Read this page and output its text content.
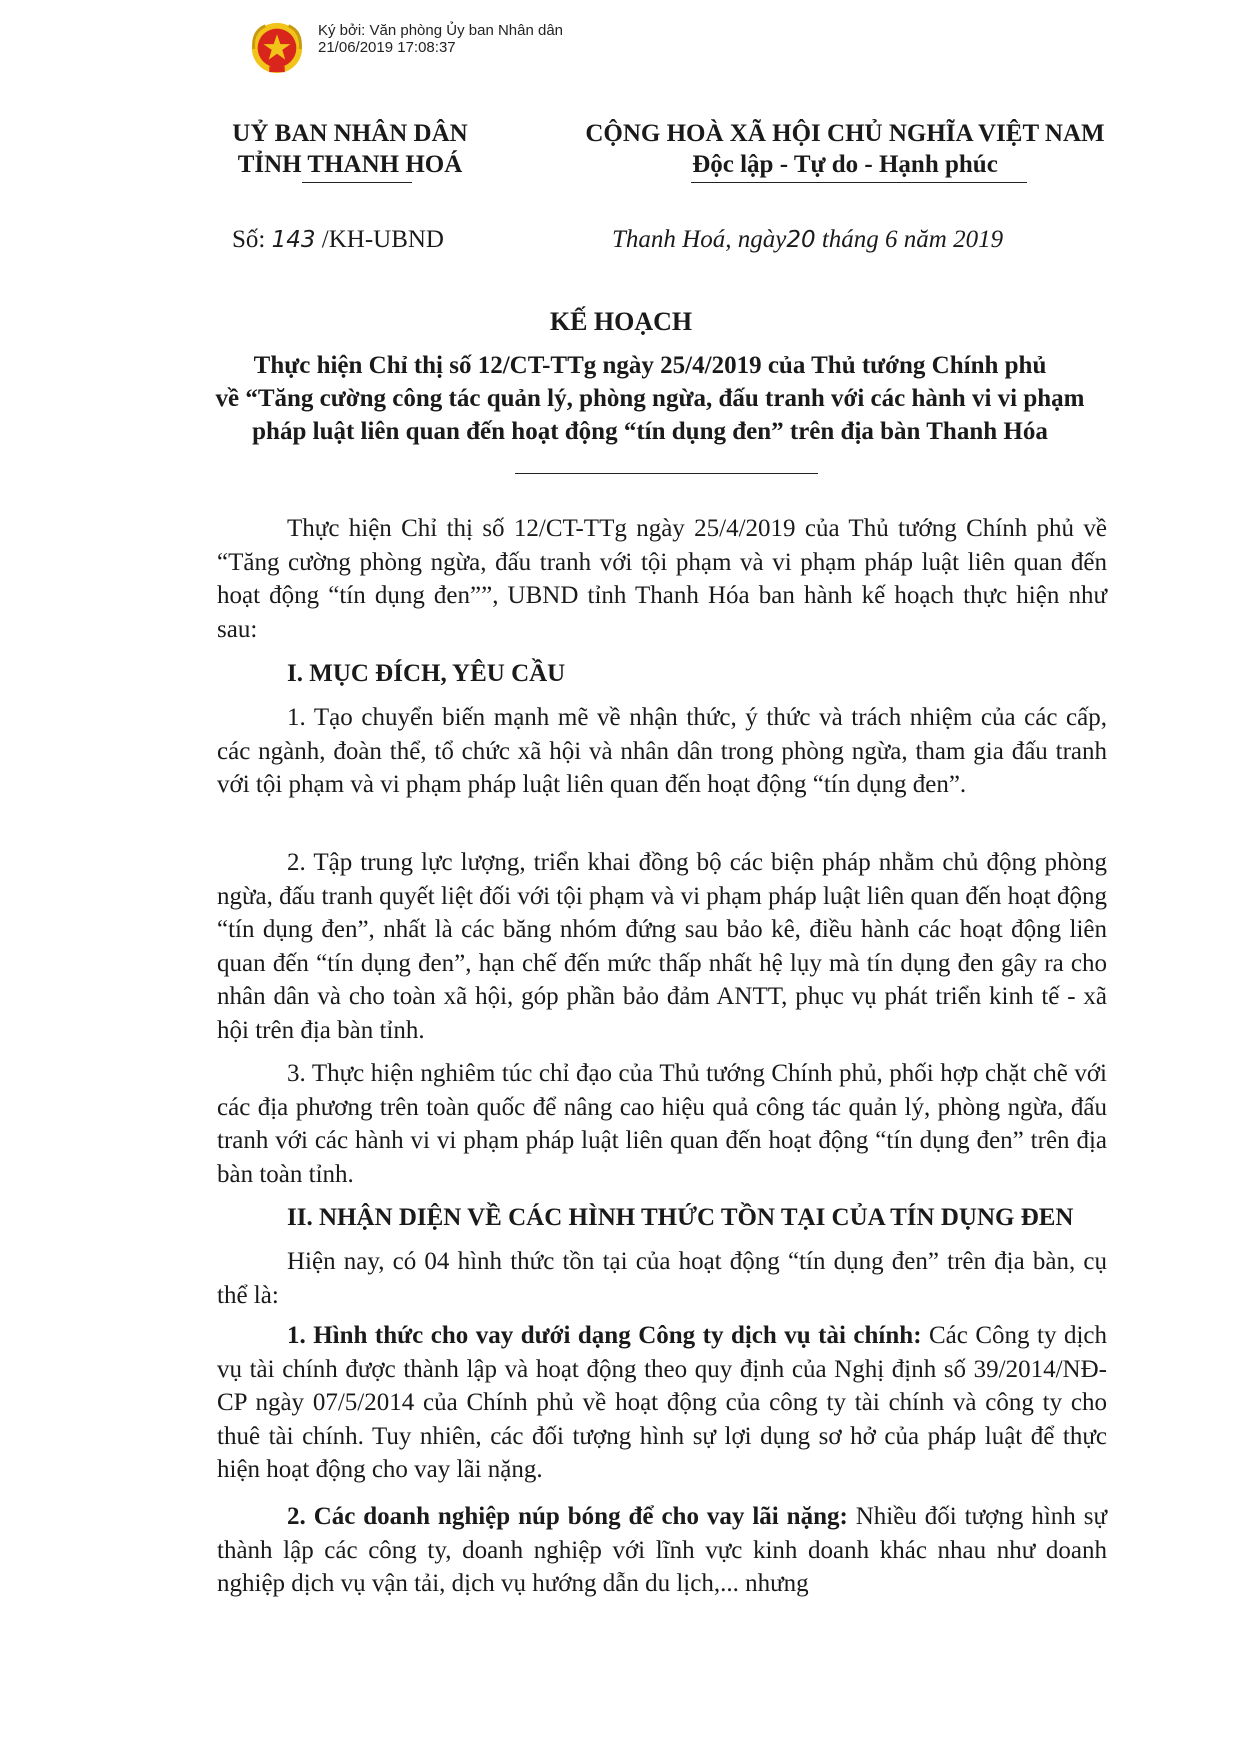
Ký bởi: Văn phòng Ủy ban Nhân dân
21/06/2019 17:08:37
UỶ BAN NHÂN DÂN
TỈNH THANH HOÁ
CỘNG HOÀ XÃ HỘI CHỦ NGHĨA VIỆT NAM
Độc lập - Tự do - Hạnh phúc
Số: 143 /KH-UBND	Thanh Hoá, ngày20 tháng 6 năm 2019
KẾ HOẠCH
Thực hiện Chỉ thị số 12/CT-TTg ngày 25/4/2019 của Thủ tướng Chính phủ
về “Tăng cường công tác quản lý, phòng ngừa, đấu tranh với các hành vi vi phạm
pháp luật liên quan đến hoạt động “tín dụng đen” trên địa bàn Thanh Hóa

Thực hiện Chỉ thị số 12/CT-TTg ngày 25/4/2019 của Thủ tướng Chính phủ về “Tăng cường phòng ngừa, đấu tranh với tội phạm và vi phạm pháp luật liên quan đến hoạt động “tín dụng đen””, UBND tỉnh Thanh Hóa ban hành kế hoạch thực hiện như sau:

I. MỤC ĐÍCH, YÊU CẦU

1. Tạo chuyển biến mạnh mẽ về nhận thức, ý thức và trách nhiệm của các cấp, các ngành, đoàn thể, tổ chức xã hội và nhân dân trong phòng ngừa, tham gia đấu tranh với tội phạm và vi phạm pháp luật liên quan đến hoạt động “tín dụng đen”.

2. Tập trung lực lượng, triển khai đồng bộ các biện pháp nhằm chủ động phòng ngừa, đấu tranh quyết liệt đối với tội phạm và vi phạm pháp luật liên quan đến hoạt động “tín dụng đen”, nhất là các băng nhóm đứng sau bảo kê, điều hành các hoạt động liên quan đến “tín dụng đen”, hạn chế đến mức thấp nhất hệ lụy mà tín dụng đen gây ra cho nhân dân và cho toàn xã hội, góp phần bảo đảm ANTT, phục vụ phát triển kinh tế - xã hội trên địa bàn tỉnh.

3. Thực hiện nghiêm túc chỉ đạo của Thủ tướng Chính phủ, phối hợp chặt chẽ với các địa phương trên toàn quốc để nâng cao hiệu quả công tác quản lý, phòng ngừa, đấu tranh với các hành vi vi phạm pháp luật liên quan đến hoạt động “tín dụng đen” trên địa bàn toàn tỉnh.

II. NHẬN DIỆN VỀ CÁC HÌNH THỨC TỒN TẠI CỦA TÍN DỤNG ĐEN

Hiện nay, có 04 hình thức tồn tại của hoạt động “tín dụng đen” trên địa bàn, cụ thể là:

1. Hình thức cho vay dưới dạng Công ty dịch vụ tài chính: Các Công ty dịch vụ tài chính được thành lập và hoạt động theo quy định của Nghị định số 39/2014/NĐ-CP ngày 07/5/2014 của Chính phủ về hoạt động của công ty tài chính và công ty cho thuê tài chính. Tuy nhiên, các đối tượng hình sự lợi dụng sơ hở của pháp luật để thực hiện hoạt động cho vay lãi nặng.

2. Các doanh nghiệp núp bóng để cho vay lãi nặng: Nhiều đối tượng hình sự thành lập các công ty, doanh nghiệp với lĩnh vực kinh doanh khác nhau như doanh nghiệp dịch vụ vận tải, dịch vụ hướng dẫn du lịch,... nhưng
